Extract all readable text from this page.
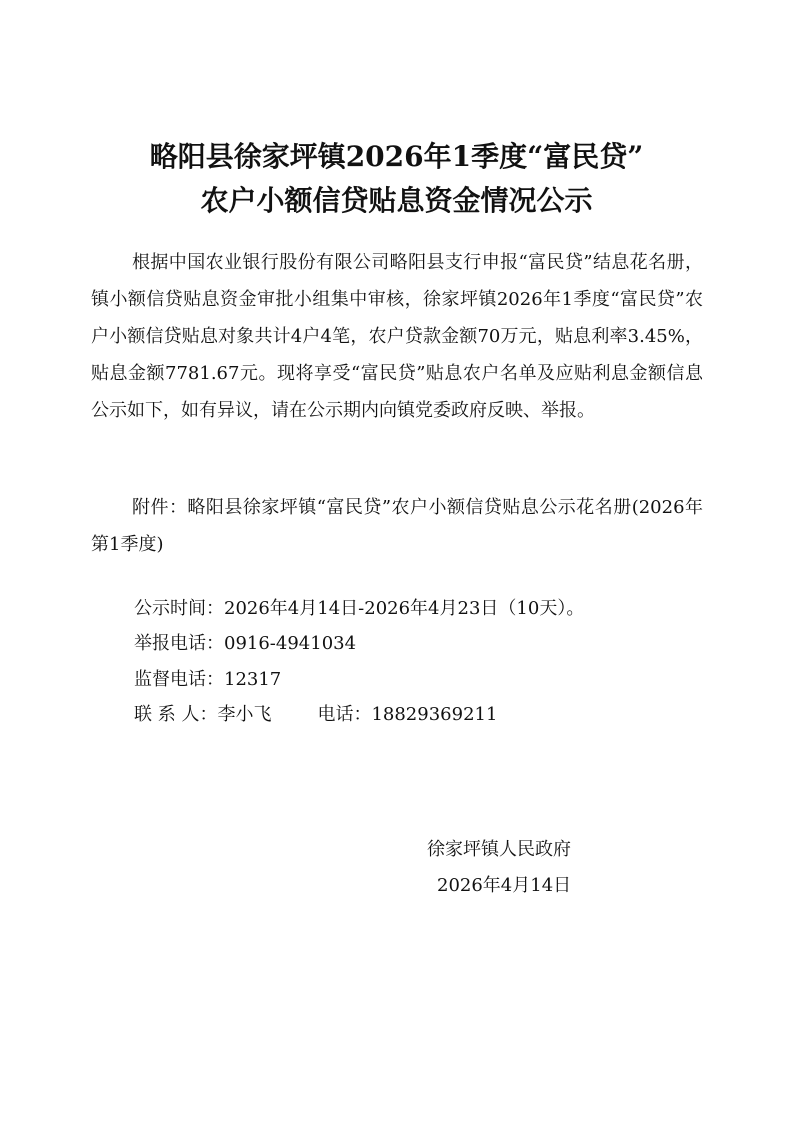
略阳县徐家坪镇2026年1季度“富民贷”
农户小额信贷贴息资金情况公示

根据中国农业银行股份有限公司略阳县支行申报“富民贷”结息花名册，镇小额信贷贴息资金审批小组集中审核，徐家坪镇2026年1季度“富民贷”农户小额信贷贴息对象共计4户4笔，农户贷款金额70万元，贴息利率3.45%，贴息金额7781.67元。现将享受“富民贷”贴息农户名单及应贴利息金额信息公示如下，如有异议，请在公示期内向镇党委政府反映、举报。

附件：略阳县徐家坪镇“富民贷”农户小额信贷贴息公示花名册(2026年第1季度)

公示时间：2026年4月14日-2026年4月23日（10天）。

举报电话：0916-4941034

监督电话：12317

联 系 人：李小飞	电话：18829369211

徐家坪镇人民政府

2026年4月14日
